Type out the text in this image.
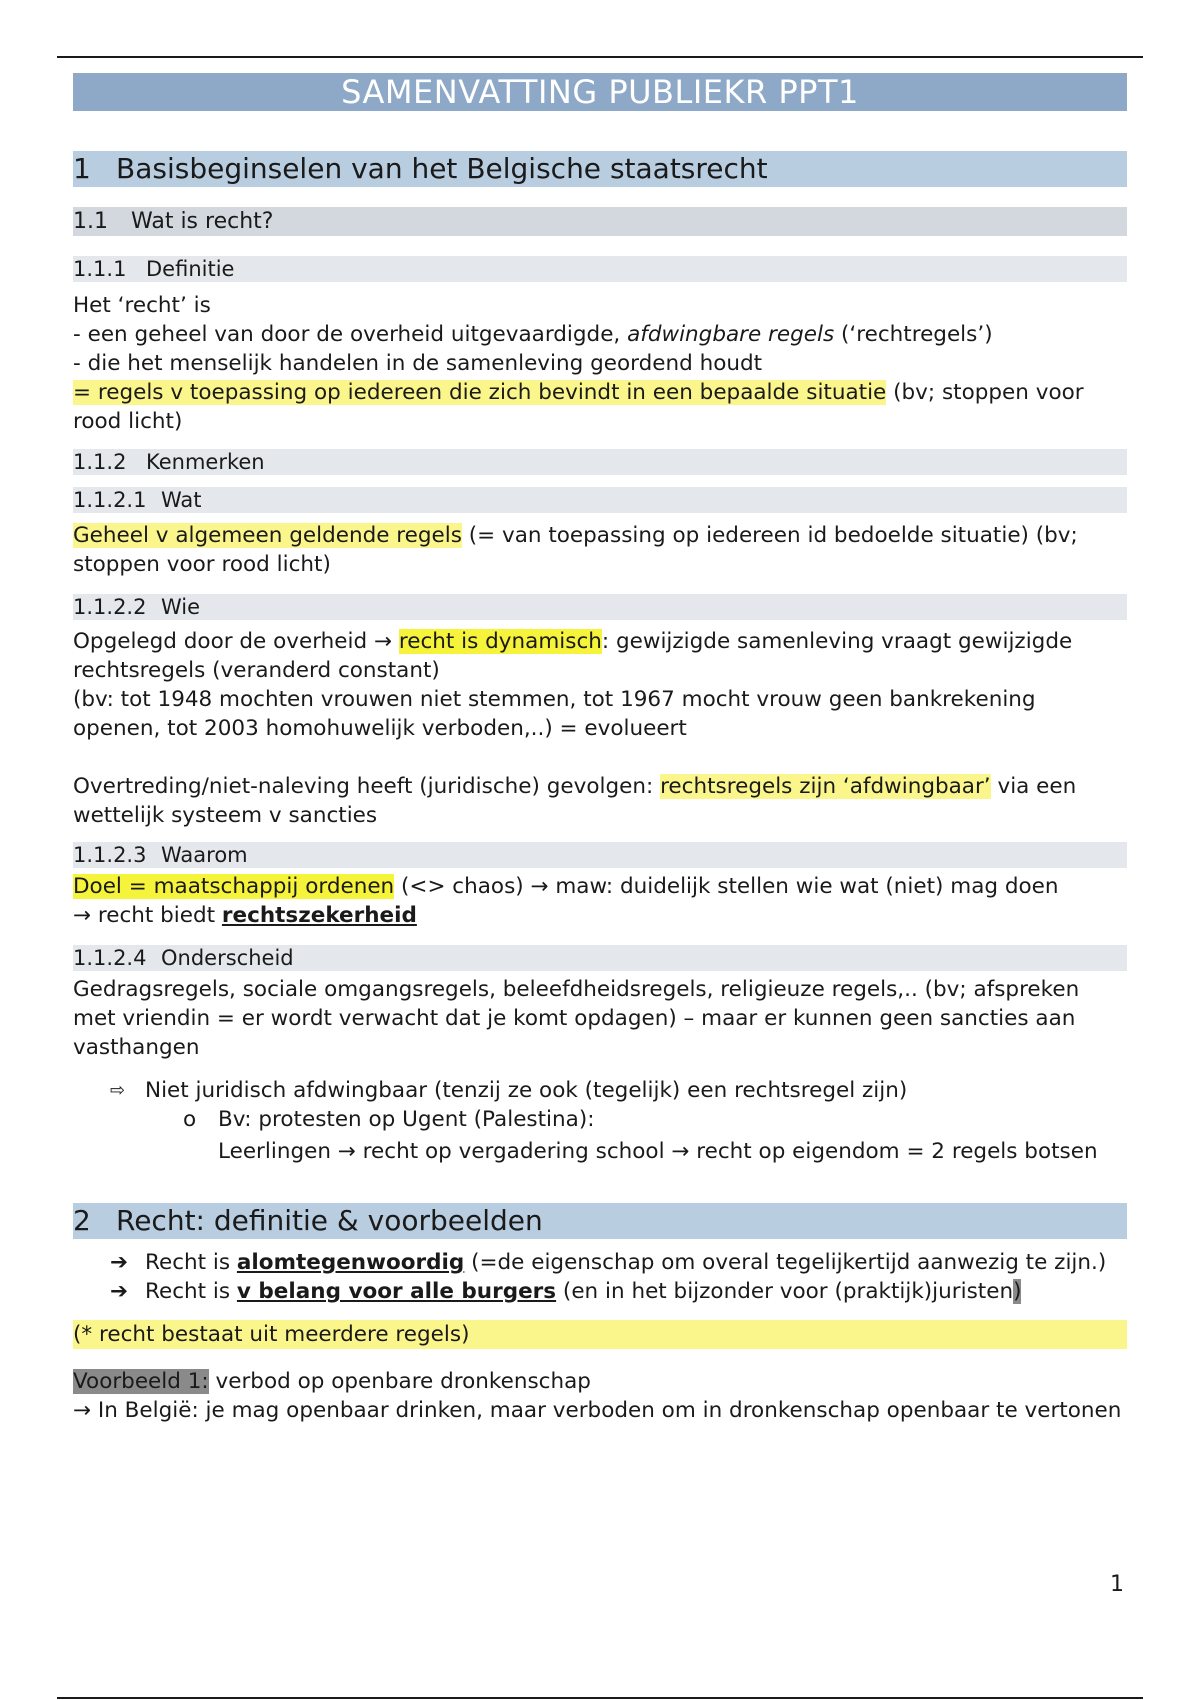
SAMENVATTING PUBLIEKR PPT1
1 Basisbeginselen van het Belgische staatsrecht
1.1 Wat is recht?
1.1.1 Definitie

Het ‘recht’ is

- een geheel van door de overheid uitgevaardigde, afdwingbare regels (‘rechtregels’)

- die het menselijk handelen in de samenleving geordend houdt

= regels v toepassing op iedereen die zich bevindt in een bepaalde situatie (bv; stoppen voor rood licht)

1.1.2 Kenmerken
1.1.2.1 Wat

Geheel v algemeen geldende regels (= van toepassing op iedereen id bedoelde situatie) (bv; stoppen voor rood licht)

1.1.2.2 Wie

Opgelegd door de overheid → recht is dynamisch: gewijzigde samenleving vraagt gewijzigde rechtsregels (veranderd constant)

(bv: tot 1948 mochten vrouwen niet stemmen, tot 1967 mocht vrouw geen bankrekening openen, tot 2003 homohuwelijk verboden,..) = evolueert

Overtreding/niet-naleving heeft (juridische) gevolgen: rechtsregels zijn ‘afdwingbaar’ via een wettelijk systeem v sancties

1.1.2.3 Waarom

Doel = maatschappij ordenen (<> chaos) → maw: duidelijk stellen wie wat (niet) mag doen

→ recht biedt rechtszekerheid

1.1.2.4 Onderscheid

Gedragsregels, sociale omgangsregels, beleefdheidsregels, religieuze regels,.. (bv; afspreken met vriendin = er wordt verwacht dat je komt opdagen) – maar er kunnen geen sancties aan vasthangen

⇨ Niet juridisch afdwingbaar (tenzij ze ook (tegelijk) een rechtsregel zijn)
o Bv: protesten op Ugent (Palestina):
Leerlingen → recht op vergadering school → recht op eigendom = 2 regels botsen
2 Recht: definitie & voorbeelden
➔ Recht is alomtegenwoordig (=de eigenschap om overal tegelijkertijd aanwezig te zijn.)
➔ Recht is v belang voor alle burgers (en in het bijzonder voor (praktijk)juristen)
(* recht bestaat uit meerdere regels)

Voorbeeld 1: verbod op openbare dronkenschap

→ In België: je mag openbaar drinken, maar verboden om in dronkenschap openbaar te vertonen

1
